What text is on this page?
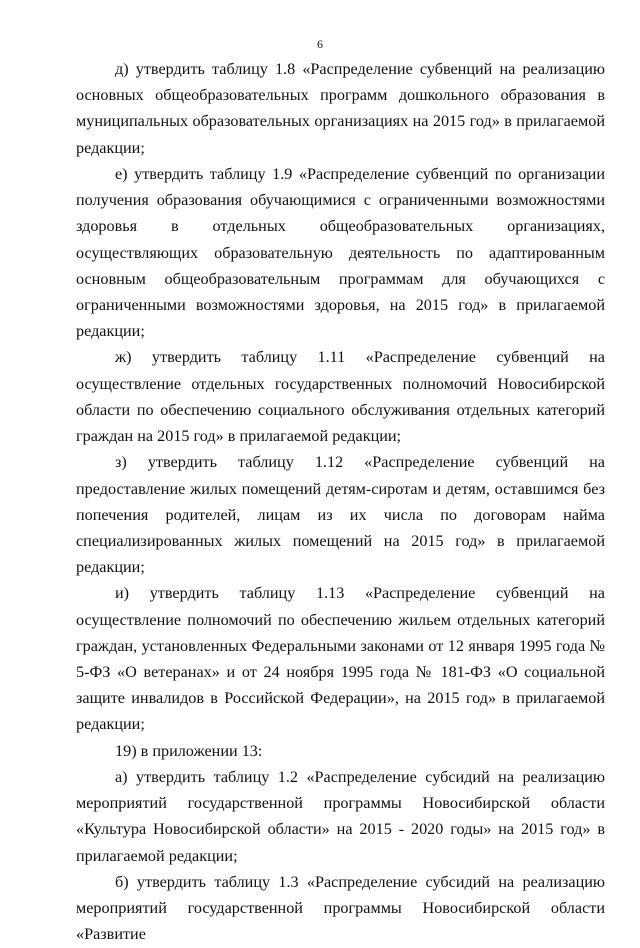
6

д) утвердить таблицу 1.8 «Распределение субвенций на реализацию основных общеобразовательных программ дошкольного образования в муниципальных образовательных организациях на 2015 год» в прилагаемой редакции;

е) утвердить таблицу 1.9 «Распределение субвенций по организации получения образования обучающимися с ограниченными возможностями здоровья в отдельных общеобразовательных организациях, осуществляющих образовательную деятельность по адаптированным основным общеобразовательным программам для обучающихся с ограниченными возможностями здоровья, на 2015 год» в прилагаемой редакции;

ж) утвердить таблицу 1.11 «Распределение субвенций на осуществление отдельных государственных полномочий Новосибирской области по обеспечению социального обслуживания отдельных категорий граждан на 2015 год» в прилагаемой редакции;

з) утвердить таблицу 1.12 «Распределение субвенций на предоставление жилых помещений детям-сиротам и детям, оставшимся без попечения родителей, лицам из их числа по договорам найма специализированных жилых помещений на 2015 год» в прилагаемой редакции;

и) утвердить таблицу 1.13 «Распределение субвенций на осуществление полномочий по обеспечению жильем отдельных категорий граждан, установленных Федеральными законами от 12 января 1995 года № 5-ФЗ «О ветеранах» и от 24 ноября 1995 года № 181-ФЗ «О социальной защите инвалидов в Российской Федерации», на 2015 год» в прилагаемой редакции;

19) в приложении 13:

а) утвердить таблицу 1.2 «Распределение субсидий на реализацию мероприятий государственной программы Новосибирской области «Культура Новосибирской области» на 2015 - 2020 годы» на 2015 год» в прилагаемой редакции;

б) утвердить таблицу 1.3 «Распределение субсидий на реализацию мероприятий государственной программы Новосибирской области «Развитие
